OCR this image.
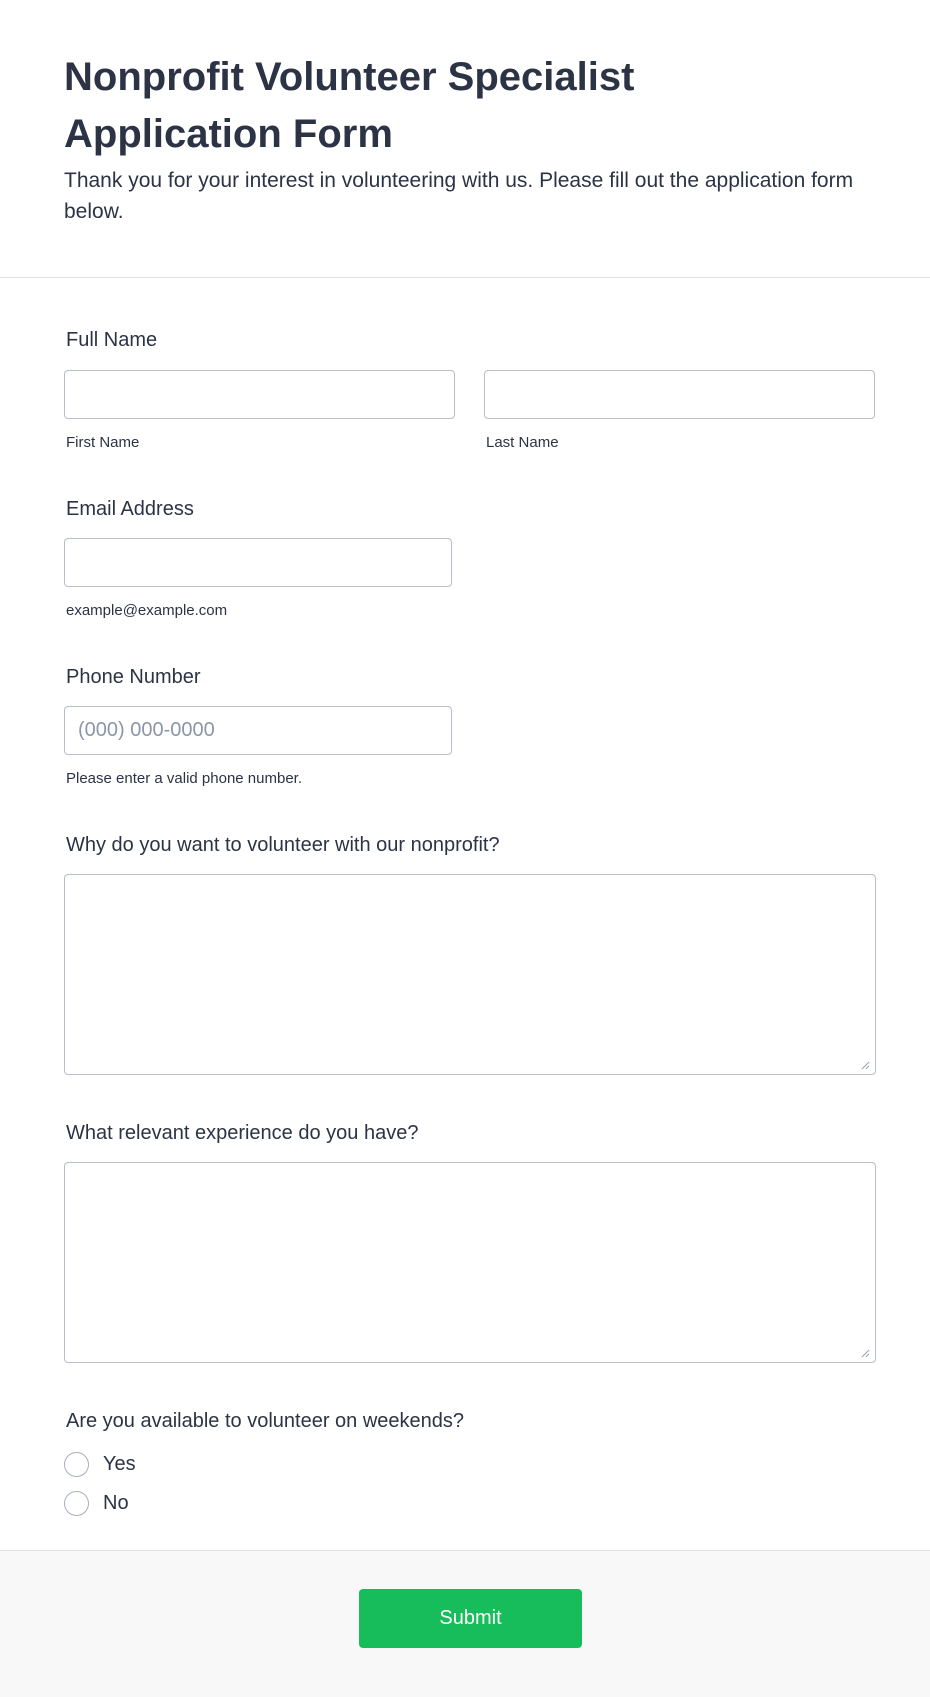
Nonprofit Volunteer Specialist Application Form

Thank you for your interest in volunteering with us. Please fill out the application form below.

Full Name
First Name	Last Name
Email Address
example@example.com
Phone Number
(000) 000-0000
Please enter a valid phone number.
Why do you want to volunteer with our nonprofit?
What relevant experience do you have?
Are you available to volunteer on weekends?
Yes
No
Submit
